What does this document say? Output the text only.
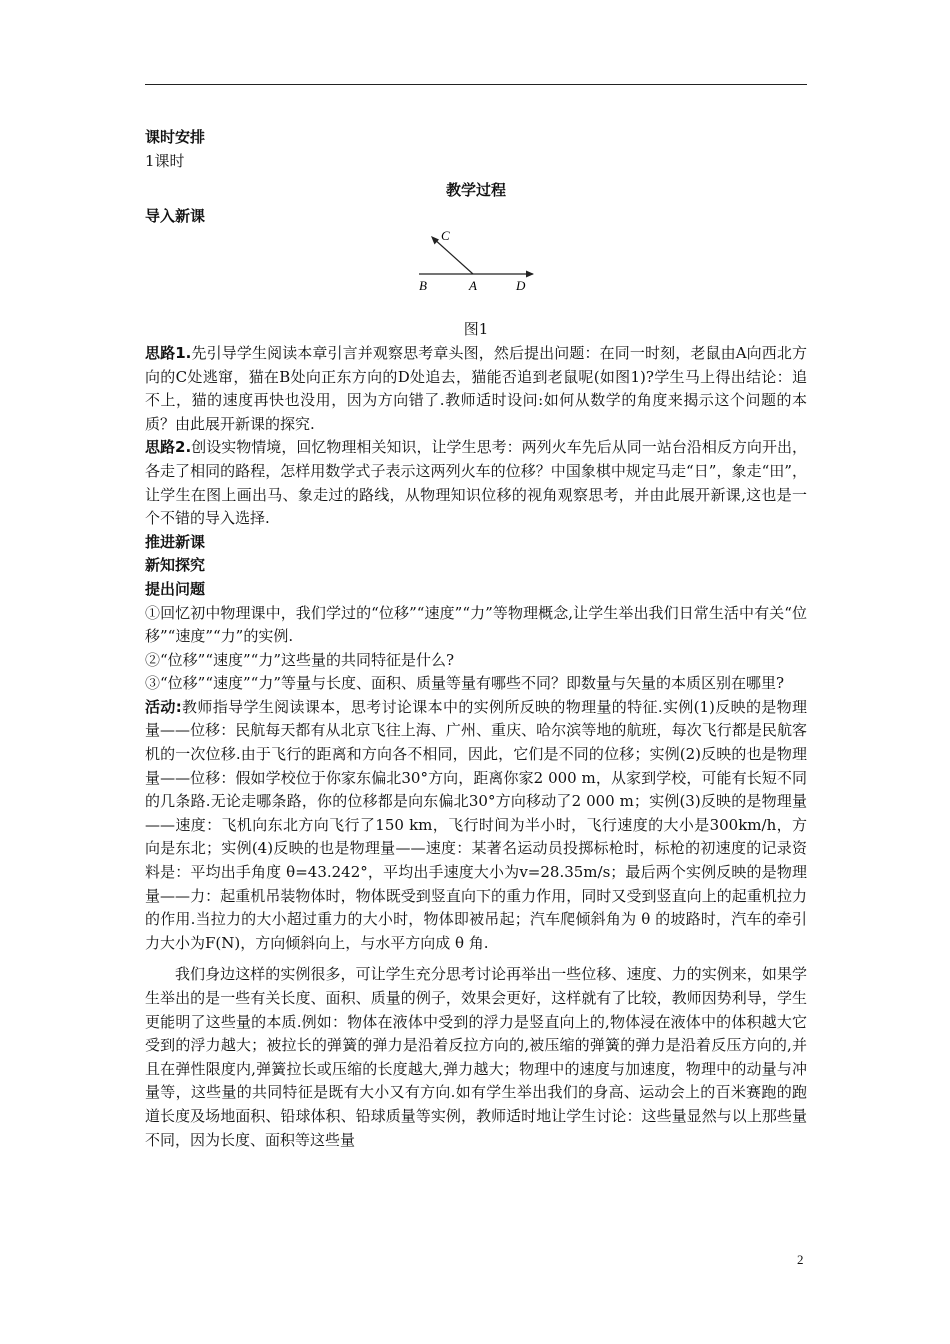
课时安排

1课时

教学过程

导入新课

C
B	A	D

图1

思路1.先引导学生阅读本章引言并观察思考章头图，然后提出问题：在同一时刻，老鼠由A向西北方向的C处逃窜，猫在B处向正东方向的D处追去，猫能否追到老鼠呢(如图1)?学生马上得出结论：追不上，猫的速度再快也没用，因为方向错了.教师适时设问:如何从数学的角度来揭示这个问题的本质？由此展开新课的探究.

思路2.创设实物情境，回忆物理相关知识，让学生思考：两列火车先后从同一站台沿相反方向开出，各走了相同的路程，怎样用数学式子表示这两列火车的位移？中国象棋中规定马走“日”，象走“田”，让学生在图上画出马、象走过的路线，从物理知识位移的视角观察思考，并由此展开新课,这也是一个不错的导入选择.

推进新课

新知探究

提出问题

①回忆初中物理课中，我们学过的“位移”“速度”“力”等物理概念,让学生举出我们日常生活中有关“位移”“速度”“力”的实例.

②“位移”“速度”“力”这些量的共同特征是什么?

③“位移”“速度”“力”等量与长度、面积、质量等量有哪些不同？即数量与矢量的本质区别在哪里?

活动:教师指导学生阅读课本，思考讨论课本中的实例所反映的物理量的特征.实例(1)反映的是物理量——位移：民航每天都有从北京飞往上海、广州、重庆、哈尔滨等地的航班，每次飞行都是民航客机的一次位移.由于飞行的距离和方向各不相同，因此，它们是不同的位移；实例(2)反映的也是物理量——位移：假如学校位于你家东偏北30°方向，距离你家2 000 m，从家到学校，可能有长短不同的几条路.无论走哪条路，你的位移都是向东偏北30°方向移动了2 000 m；实例(3)反映的是物理量——速度：飞机向东北方向飞行了150 km，飞行时间为半小时，飞行速度的大小是300km/h，方向是东北；实例(4)反映的也是物理量——速度：某著名运动员投掷标枪时，标枪的初速度的记录资料是：平均出手角度 θ=43.242°，平均出手速度大小为v=28.35m/s；最后两个实例反映的是物理量——力：起重机吊装物体时，物体既受到竖直向下的重力作用，同时又受到竖直向上的起重机拉力的作用.当拉力的大小超过重力的大小时，物体即被吊起；汽车爬倾斜角为 θ 的坡路时，汽车的牵引力大小为F(N)，方向倾斜向上，与水平方向成 θ 角.

我们身边这样的实例很多，可让学生充分思考讨论再举出一些位移、速度、力的实例来，如果学生举出的是一些有关长度、面积、质量的例子，效果会更好，这样就有了比较，教师因势利导，学生更能明了这些量的本质.例如：物体在液体中受到的浮力是竖直向上的,物体浸在液体中的体积越大它受到的浮力越大；被拉长的弹簧的弹力是沿着反拉方向的,被压缩的弹簧的弹力是沿着反压方向的,并且在弹性限度内,弹簧拉长或压缩的长度越大,弹力越大；物理中的速度与加速度，物理中的动量与冲量等，这些量的共同特征是既有大小又有方向.如有学生举出我们的身高、运动会上的百米赛跑的跑道长度及场地面积、铅球体积、铅球质量等实例，教师适时地让学生讨论：这些量显然与以上那些量不同，因为长度、面积等这些量

2
